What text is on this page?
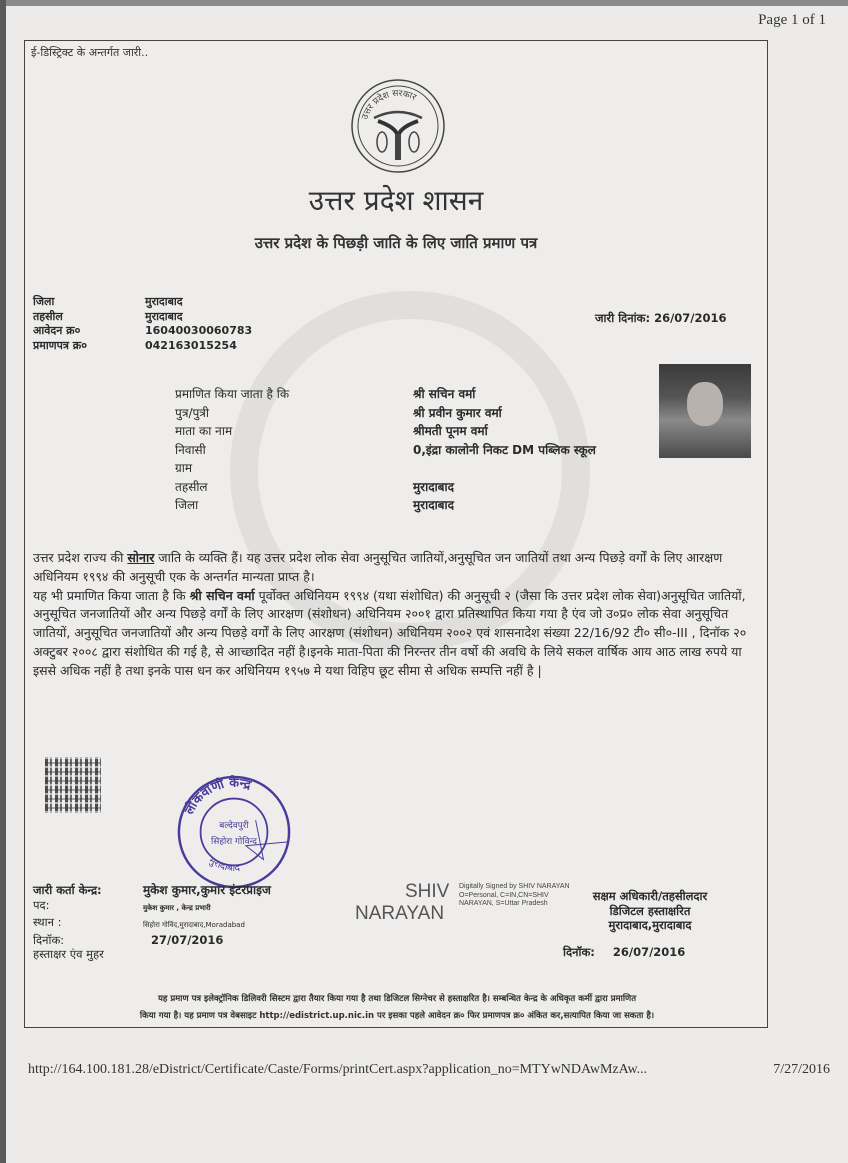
Page 1 of 1
ई-डिस्ट्रिक्ट के अन्तर्गत जारी..
उत्तर प्रदेश सरकार
उत्तर प्रदेश शासन
उत्तर प्रदेश के पिछड़ी जाति के लिए जाति प्रमाण पत्र
जिला	मुरादाबाद
तहसील	मुरादाबाद
आवेदन क्र०	16040030060783
प्रमाणपत्र क्र०	042163015254
जारी दिनांक: 26/07/2016
प्रमाणित किया जाता है कि	श्री सचिन वर्मा
पुत्र/पुत्री	श्री प्रवीन कुमार वर्मा
माता का नाम	श्रीमती पूनम वर्मा
निवासी	0,इंद्रा कालोनी निकट DM पब्लिक स्कूल
ग्राम
तहसील	मुरादाबाद
जिला	मुरादाबाद

उत्तर प्रदेश राज्य की सोनार जाति के व्यक्ति हैं। यह उत्तर प्रदेश लोक सेवा अनुसूचित जातियों,अनुसूचित जन जातियों तथा अन्य पिछड़े वर्गों के लिए आरक्षण अधिनियम १९९४ की अनुसूची एक के अन्तर्गत मान्यता प्राप्त है।

यह भी प्रमाणित किया जाता है कि श्री सचिन वर्मा पूर्वोक्त अधिनियम १९९४ (यथा संशोधित) की अनुसूची २ (जैसा कि उत्तर प्रदेश लोक सेवा)अनुसूचित जातियों, अनुसूचित जनजातियों और अन्य पिछड़े वर्गों के लिए आरक्षण (संशोधन) अधिनियम २००१ द्वारा प्रतिस्थापित किया गया है एंव जो उ०प्र० लोक सेवा अनुसूचित जातियों, अनुसूचित जनजातियों और अन्य पिछड़े वर्गों के लिए आरक्षण (संशोधन) अधिनियम २००२ एवं शासनादेश संख्या 22/16/92 टी० सी०-III , दिनॉक २० अक्टुबर २००८ द्वारा संशोधित की गई है, से आच्छादित नहीं है।इनके माता-पिता की निरन्तर तीन वर्षो की अवधि के लिये सकल वार्षिक आय आठ लाख रुपये या इससे अधिक नहीं है तथा इनके पास धन कर अधिनियम १९५७ मे यथा विहिप छूट सीमा से अधिक सम्पत्ति नहीं है |

लोकवाणी केन्द्र
मुरादाबाद
बल्देवपुरी
सिहोरा गोविन्द
जारी कर्ता केन्द्र:	मुकेश कुमार,कुमार इंटरप्राइज
पद:	मुकेश कुमार , केन्द्र प्रभारी
स्थान :	सिहोरा गोविंद,मुरादाबाद,Moradabad
दिनॉक:	27/07/2016
हस्ताक्षर एंव मुहर
SHIV
NARAYAN
Digitally Signed by SHIV NARAYAN O=Personal, C=IN,CN=SHIV NARAYAN, S=Uttar Pradesh
सक्षम अधिकारी/तहसीलदार
डिजिटल हस्ताक्षरित
मुरादाबाद,मुरादाबाद
दिनॉक: 26/07/2016
यह प्रमाण पत्र इलेक्ट्रॉनिक डिलिवरी सिस्टम द्वारा तैयार किया गया है तथा डिजिटल सिग्नेचर से हस्ताक्षरित है। सम्बन्धित केन्द्र के अधिकृत कर्मी द्वारा प्रमाणित
किया गया है। यह प्रमाण पत्र वेबसाइट http://edistrict.up.nic.in पर इसका पहले आवेदन क्र० फिर प्रमाणपत्र क्र० अंकित कर,सत्यापित किया जा सकता है।
http://164.100.181.28/eDistrict/Certificate/Caste/Forms/printCert.aspx?application_no=MTYwNDAwMzAw...	7/27/2016
